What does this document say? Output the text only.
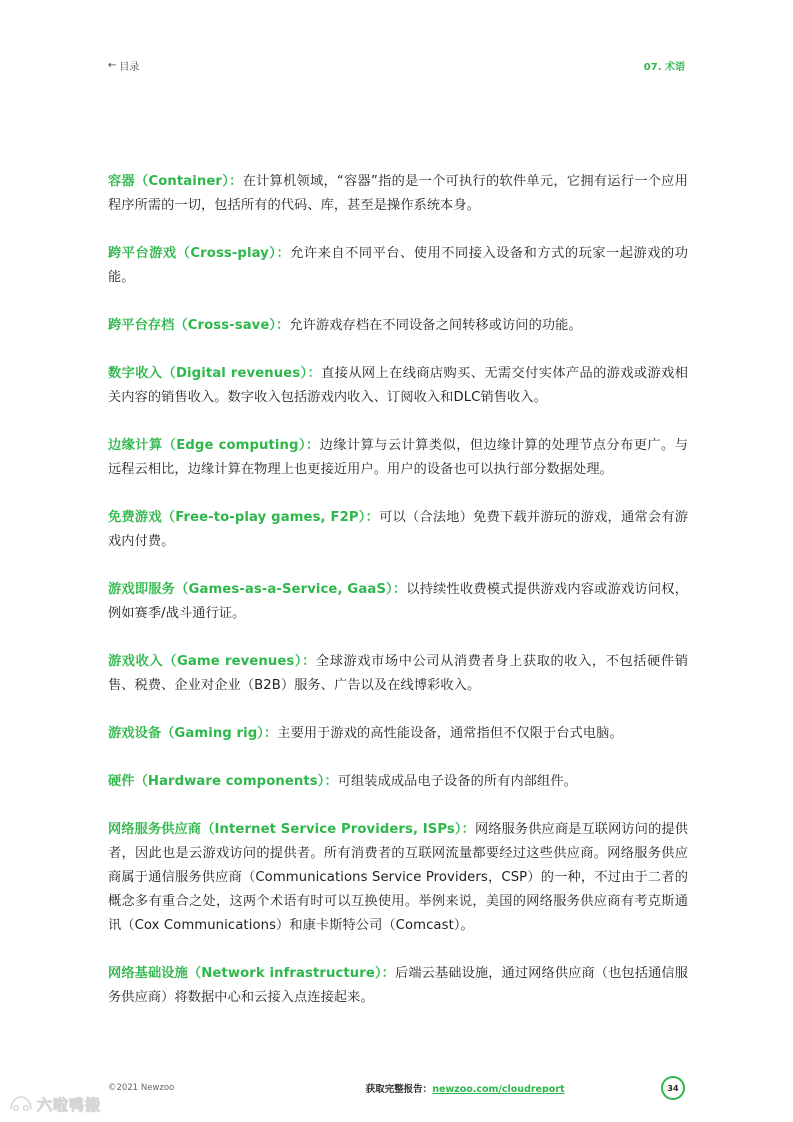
← 目录	07. 术语

容器（Container）：在计算机领域，“容器”指的是一个可执行的软件单元，它拥有运行一个应用程序所需的一切，包括所有的代码、库，甚至是操作系统本身。

跨平台游戏（Cross-play）：允许来自不同平台、使用不同接入设备和方式的玩家一起游戏的功能。

跨平台存档（Cross-save）：允许游戏存档在不同设备之间转移或访问的功能。

数字收入（Digital revenues）：直接从网上在线商店购买、无需交付实体产品的游戏或游戏相关内容的销售收入。数字收入包括游戏内收入、订阅收入和DLC销售收入。

边缘计算（Edge computing）：边缘计算与云计算类似，但边缘计算的处理节点分布更广。与远程云相比，边缘计算在物理上也更接近用户。用户的设备也可以执行部分数据处理。

免费游戏（Free-to-play games, F2P）：可以（合法地）免费下载并游玩的游戏，通常会有游戏内付费。

游戏即服务（Games-as-a-Service, GaaS）：以持续性收费模式提供游戏内容或游戏访问权，例如赛季/战斗通行证。

游戏收入（Game revenues）：全球游戏市场中公司从消费者身上获取的收入，不包括硬件销售、税费、企业对企业（B2B）服务、广告以及在线博彩收入。

游戏设备（Gaming rig）：主要用于游戏的高性能设备，通常指但不仅限于台式电脑。

硬件（Hardware components）：可组装成成品电子设备的所有内部组件。

网络服务供应商（Internet Service Providers, ISPs）：网络服务供应商是互联网访问的提供者，因此也是云游戏访问的提供者。所有消费者的互联网流量都要经过这些供应商。网络服务供应商属于通信服务供应商（Communications Service Providers，CSP）的一种，不过由于二者的概念多有重合之处，这两个术语有时可以互换使用。举例来说，美国的网络服务供应商有考克斯通讯（Cox Communications）和康卡斯特公司（Comcast）。

网络基础设施（Network infrastructure）：后端云基础设施，通过网络供应商（也包括通信服务供应商）将数据中心和云接入点连接起来。

©2021 Newzoo	获取完整报告：newzoo.com/cloudreport	34
六啦鸭搬
